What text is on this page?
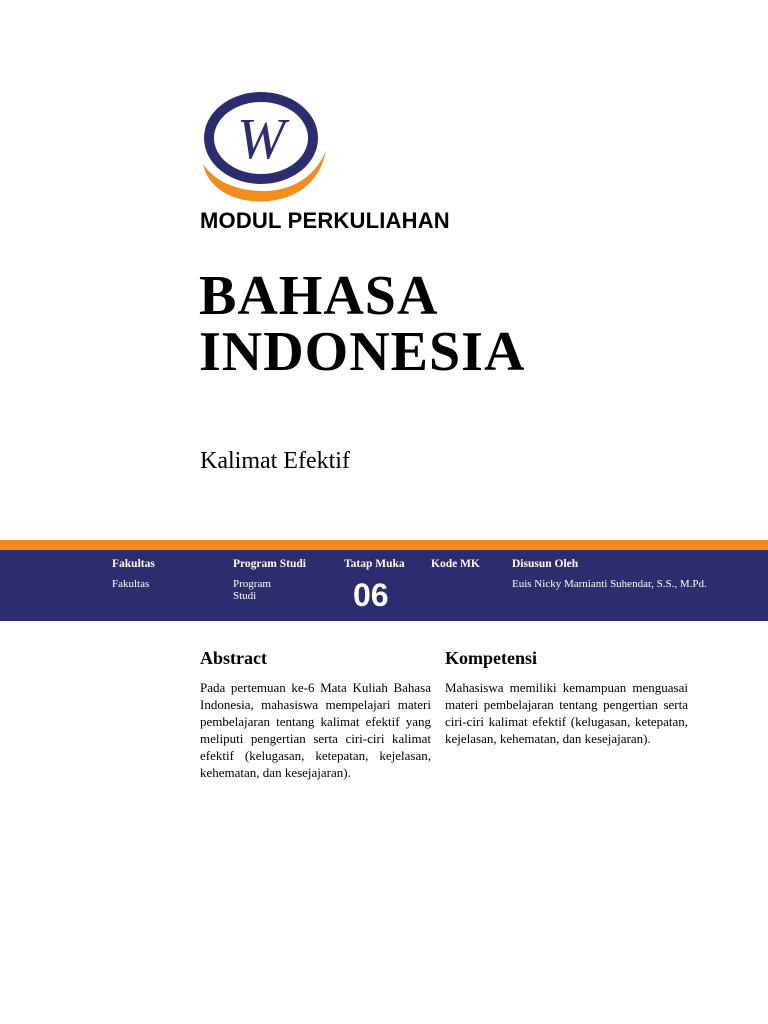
W
MODUL PERKULIAHAN
BAHASA
INDONESIA
Kalimat Efektif
Fakultas
Fakultas
Program Studi
Program
Studi
Tatap Muka
06
Kode MK	Disusun Oleh
Euis Nicky Marnianti Suhendar, S.S., M.Pd.
Abstract
Pada pertemuan ke-6 Mata Kuliah Bahasa Indonesia, mahasiswa mempelajari materi pembelajaran tentang kalimat efektif yang meliputi pengertian serta ciri-ciri kalimat efektif (kelugasan, ketepatan, kejelasan, kehematan, dan kesejajaran).
Kompetensi
Mahasiswa memiliki kemampuan menguasai materi pembelajaran tentang pengertian serta ciri-ciri kalimat efektif (kelugasan, ketepatan, kejelasan, kehematan, dan kesejajaran).
